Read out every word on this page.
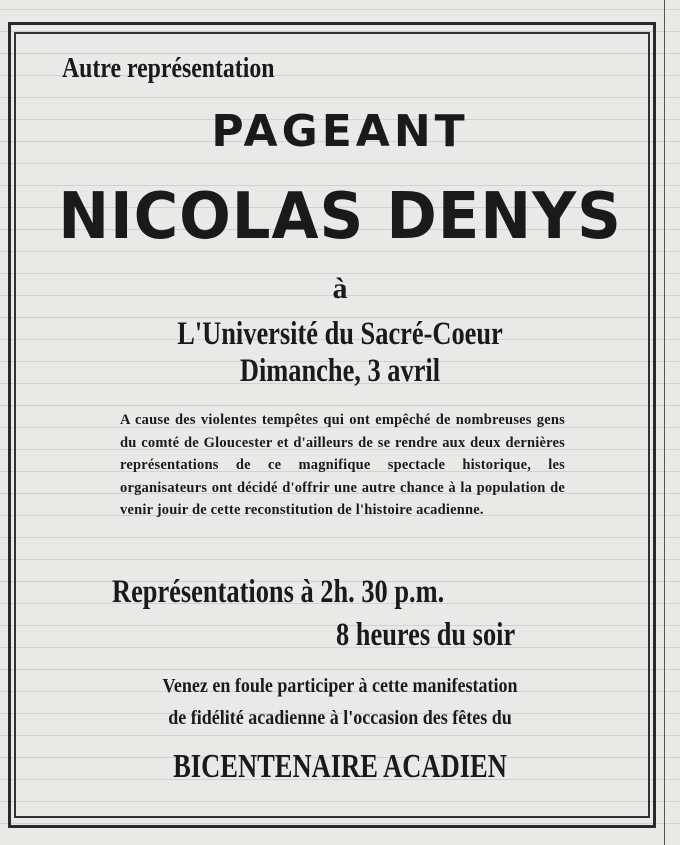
Autre représentation
PAGEANT
NICOLAS DENYS
à
L'Université du Sacré-Coeur
Dimanche, 3 avril
A cause des violentes tempêtes qui ont empêché de nombreuses gens du comté de Gloucester et d'ailleurs de se rendre aux deux dernières représentations de ce magnifique spectacle historique, les organisateurs ont décidé d'offrir une autre chance à la population de venir jouir de cette reconstitution de l'histoire acadienne.
Représentations à 2h. 30 p.m.
8 heures du soir
Venez en foule participer à cette manifestation
de fidélité acadienne à l'occasion des fêtes du
BICENTENAIRE ACADIEN
